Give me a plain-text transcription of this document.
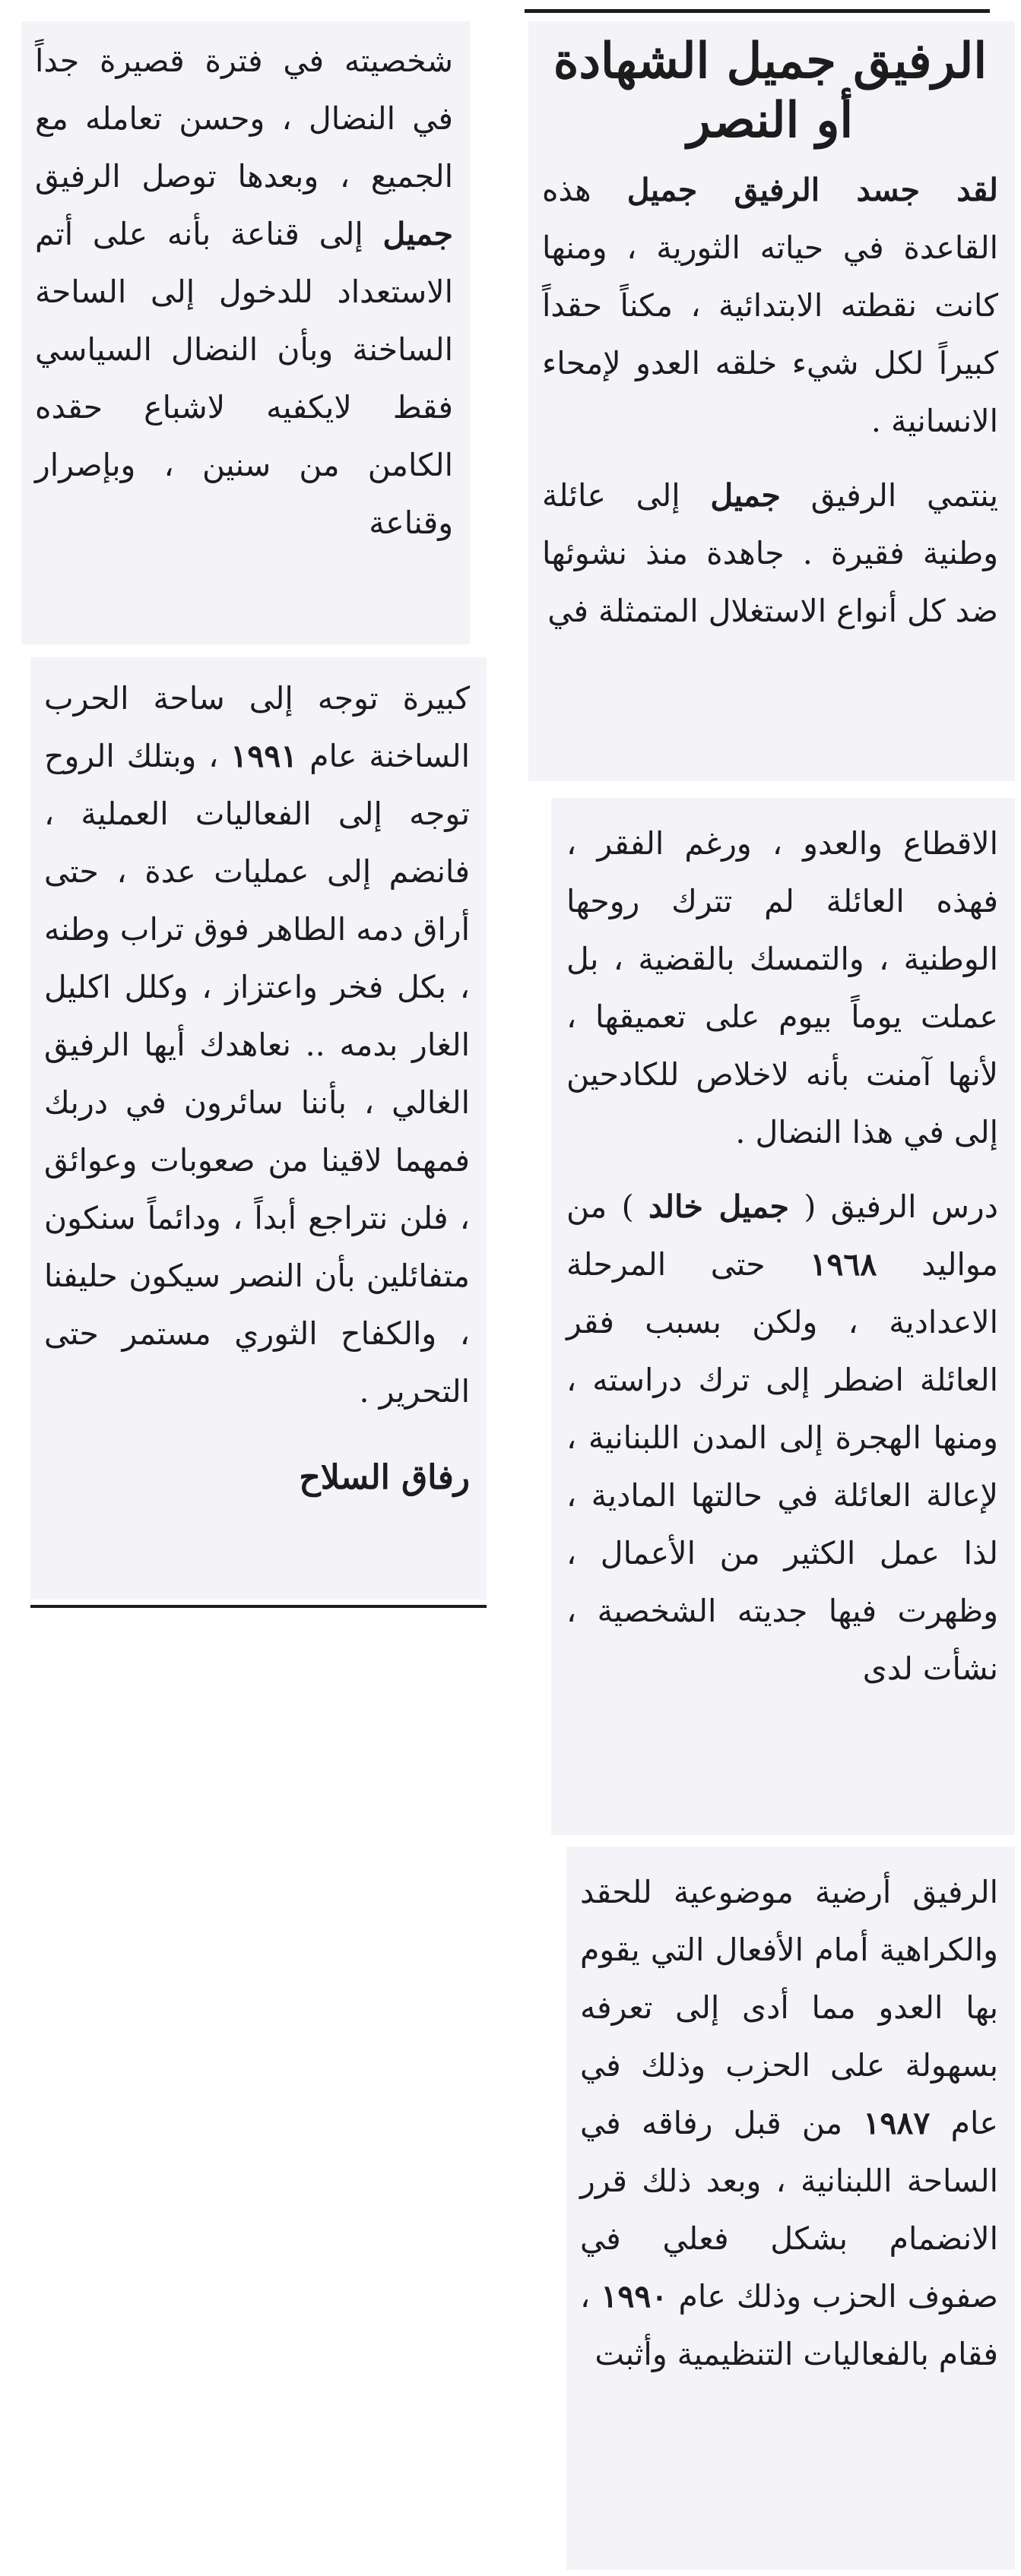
الرفيق جميل الشهادة أو النصر

لقد جسد الرفيق جميل هذه القاعدة في حياته الثورية ، ومنها كانت نقطته الابتدائية ، مكناً حقداً كبيراً لكل شيء خلقه العدو لإمحاء الانسانية .

ينتمي الرفيق جميل إلى عائلة وطنية فقيرة . جاهدة منذ نشوئها ضد كل أنواع الاستغلال المتمثلة في

الاقطاع والعدو ، ورغم الفقر ، فهذه العائلة لم تترك روحها الوطنية ، والتمسك بالقضية ، بل عملت يوماً بيوم على تعميقها ، لأنها آمنت بأنه لاخلاص للكادحين إلى في هذا النضال .

درس الرفيق ( جميل خالد ) من مواليد ١٩٦٨ حتى المرحلة الاعدادية ، ولكن بسبب فقر العائلة اضطر إلى ترك دراسته ، ومنها الهجرة إلى المدن اللبنانية ، لإعالة العائلة في حالتها المادية ، لذا عمل الكثير من الأعمال ، وظهرت فيها جديته الشخصية ، نشأت لدى

الرفيق أرضية موضوعية للحقد والكراهية أمام الأفعال التي يقوم بها العدو مما أدى إلى تعرفه بسهولة على الحزب وذلك في عام ١٩٨٧ من قبل رفاقه في الساحة اللبنانية ، وبعد ذلك قرر الانضمام بشكل فعلي في صفوف الحزب وذلك عام ١٩٩٠ ، فقام بالفعاليات التنظيمية وأثبت

شخصيته في فترة قصيرة جداً في النضال ، وحسن تعامله مع الجميع ، وبعدها توصل الرفيق جميل إلى قناعة بأنه على أتم الاستعداد للدخول إلى الساحة الساخنة وبأن النضال السياسي فقط لايكفيه لاشباع حقده الكامن من سنين ، وبإصرار وقناعة

كبيرة توجه إلى ساحة الحرب الساخنة عام ١٩٩١ ، وبتلك الروح توجه إلى الفعاليات العملية ، فانضم إلى عمليات عدة ، حتى أراق دمه الطاهر فوق تراب وطنه ، بكل فخر واعتزاز ، وكلل اكليل الغار بدمه .. نعاهدك أيها الرفيق الغالي ، بأننا سائرون في دربك فمهما لاقينا من صعوبات وعوائق ، فلن نتراجع أبداً ، ودائماً سنكون متفائلين بأن النصر سيكون حليفنا ، والكفاح الثوري مستمر حتى التحرير .

رفاق السلاح
